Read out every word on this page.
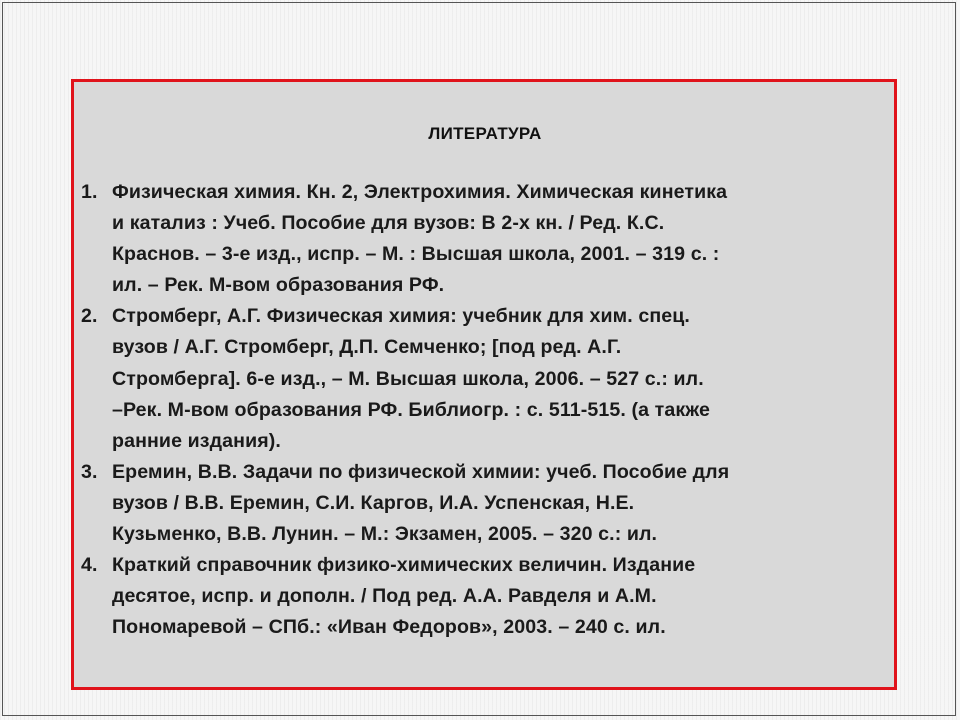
ЛИТЕРАТУРА
1. Физическая химия. Кн. 2, Электрохимия. Химическая кинетика
и катализ : Учеб. Пособие для вузов: В 2-х кн. / Ред. К.С.
Краснов. – 3-е изд., испр. – М. : Высшая школа, 2001. – 319 с. :
ил. – Рек. М-вом образования РФ.
2. Стромберг, А.Г. Физическая химия: учебник для хим. спец.
вузов / А.Г. Стромберг, Д.П. Семченко; [под ред. А.Г.
Стромберга]. 6-е изд., – М. Высшая школа, 2006. – 527 с.: ил.
–Рек. М-вом образования РФ. Библиогр. : с. 511-515. (а также
ранние издания).
3. Еремин, В.В. Задачи по физической химии: учеб. Пособие для
вузов / В.В. Еремин, С.И. Каргов, И.А. Успенская, Н.Е.
Кузьменко, В.В. Лунин. – М.: Экзамен, 2005. – 320 с.: ил.
4. Краткий справочник физико-химических величин. Издание
десятое, испр. и дополн. / Под ред. А.А. Равделя и А.М.
Пономаревой – СПб.: «Иван Федоров», 2003. – 240 с. ил.
